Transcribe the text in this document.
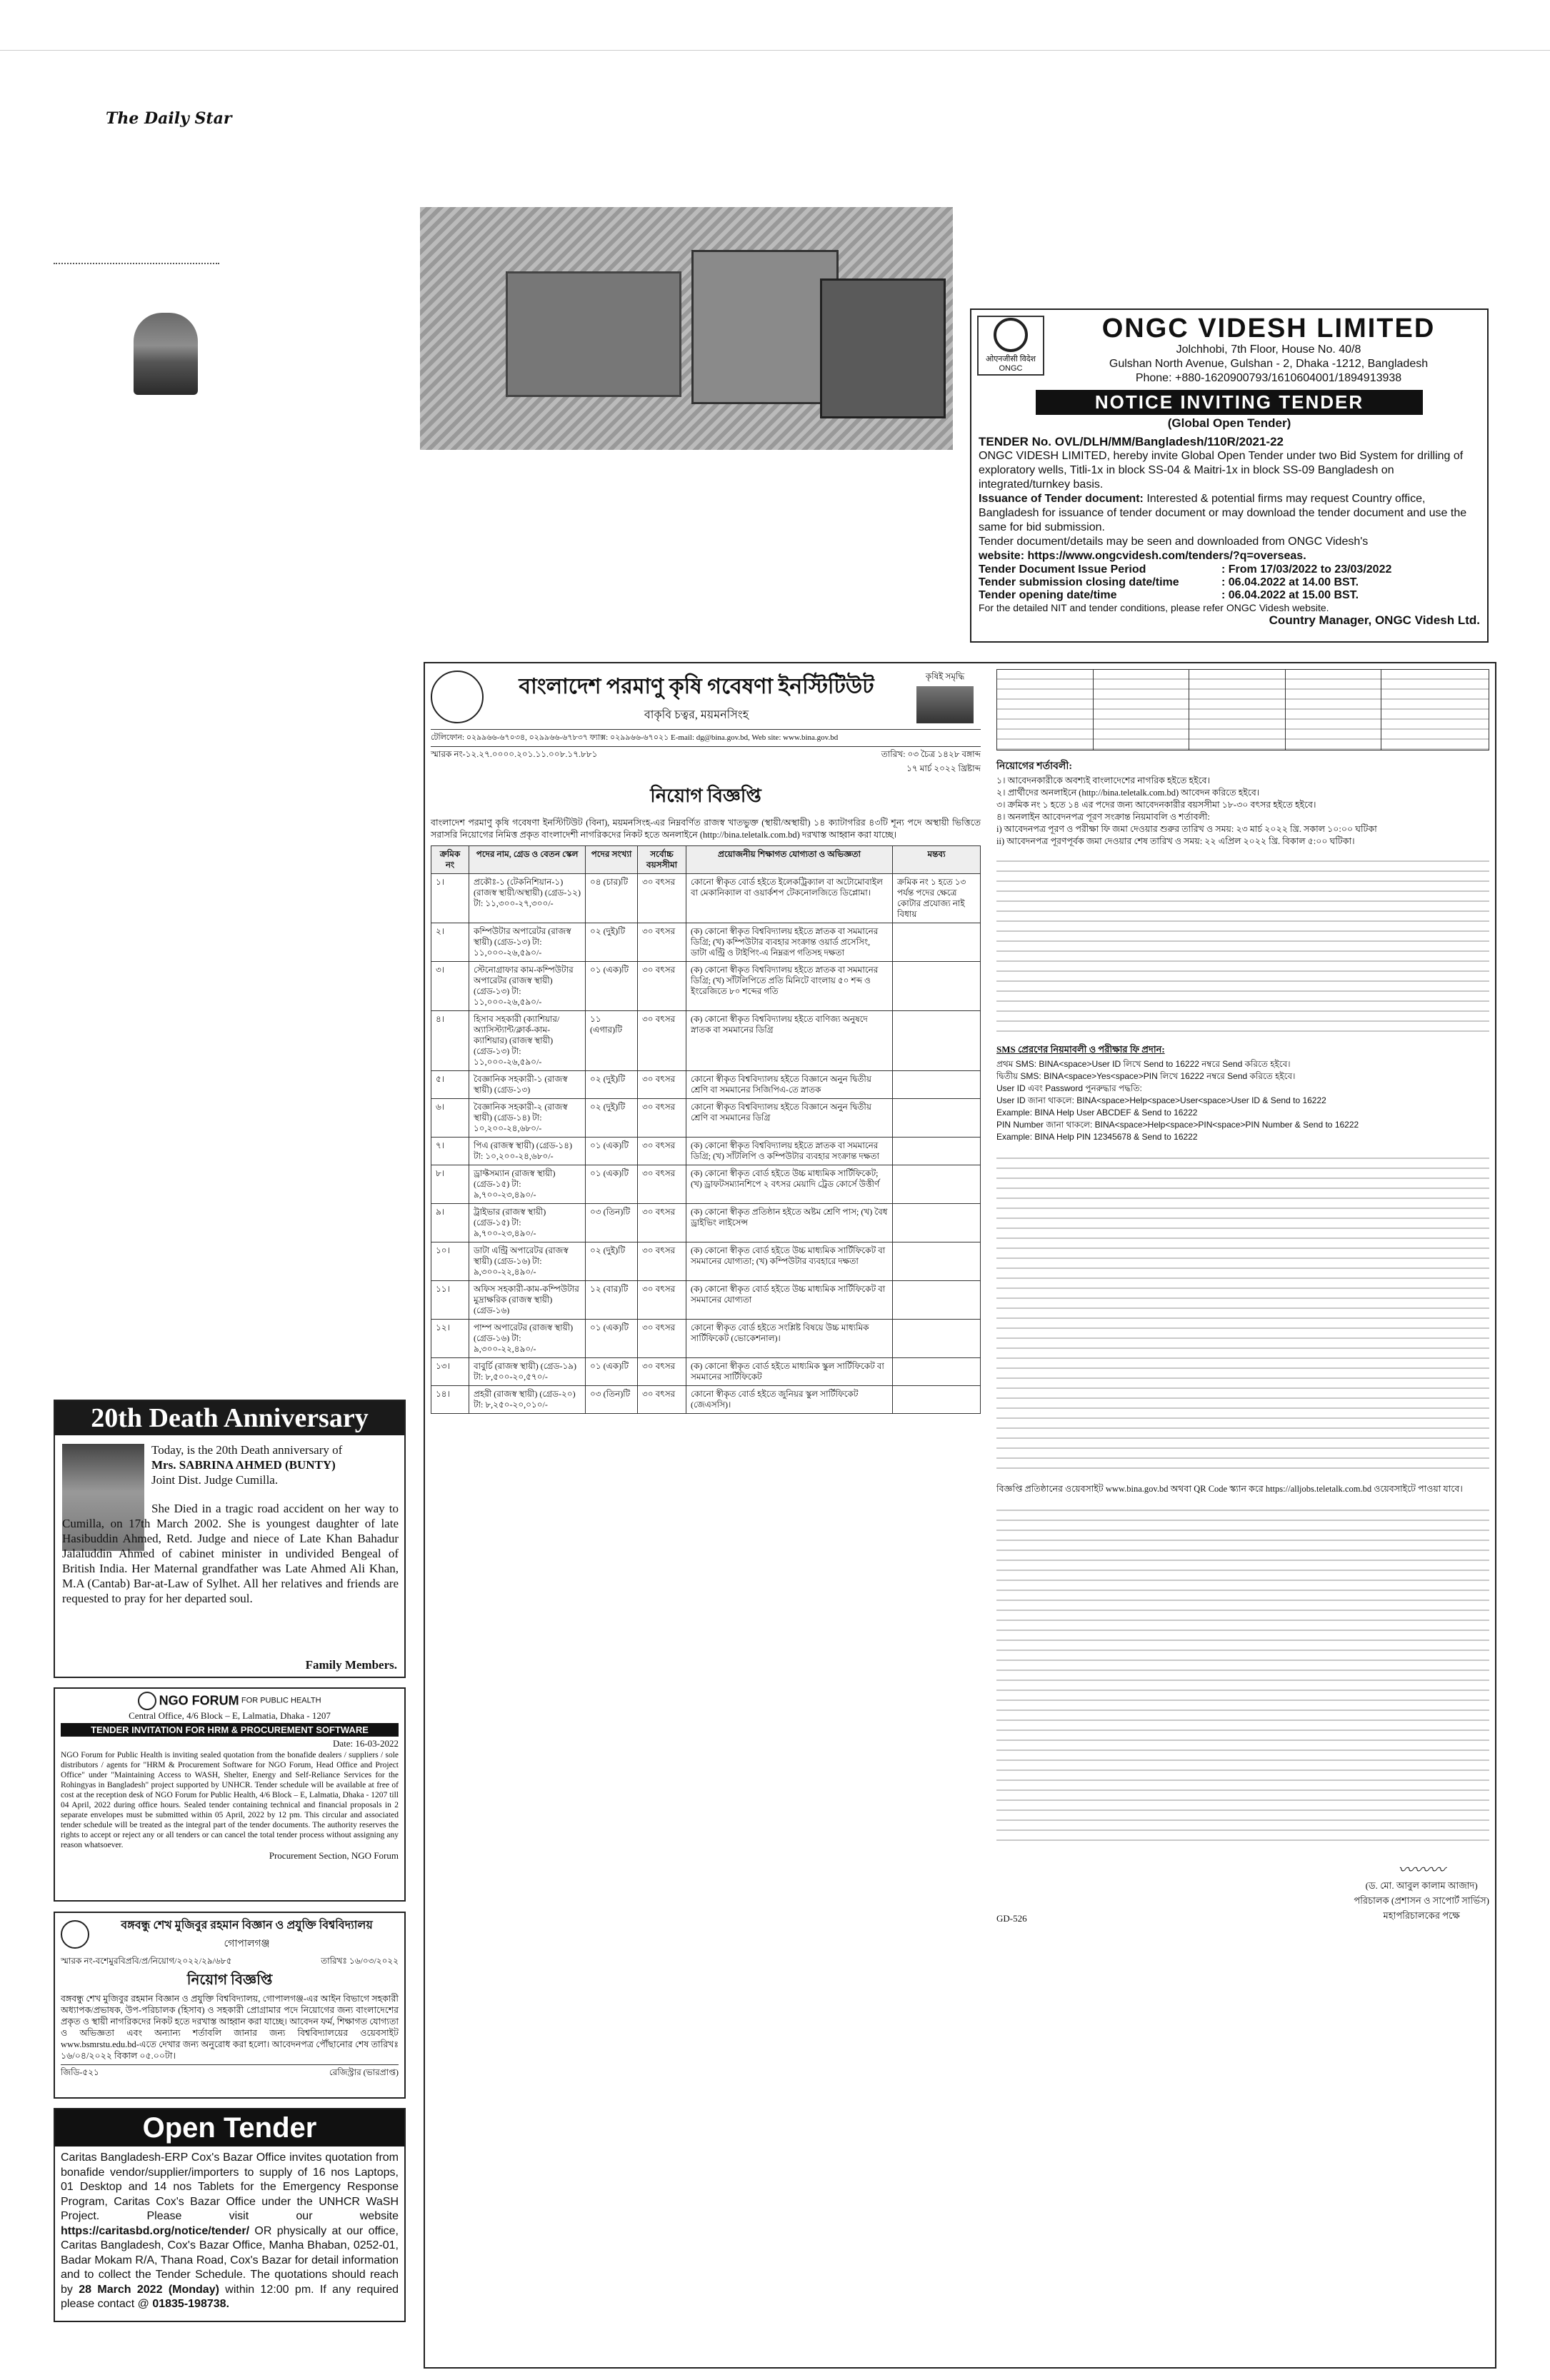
The Daily Star
ओएनजीसी विदेश ONGC
ONGC VIDESH LIMITED
Jolchhobi, 7th Floor, House No. 40/8
Gulshan North Avenue, Gulshan - 2, Dhaka -1212, Bangladesh
Phone: +880-1620900793/1610604001/1894913938
NOTICE INVITING TENDER
(Global Open Tender)
TENDER No. OVL/DLH/MM/Bangladesh/110R/2021-22
ONGC VIDESH LIMITED, hereby invite Global Open Tender under two Bid System for drilling of exploratory wells, Titli-1x in block SS-04 & Maitri-1x in block SS-09 Bangladesh on integrated/turnkey basis.
Issuance of Tender document: Interested & potential firms may request Country office, Bangladesh for issuance of tender document or may download the tender document and use the same for bid submission.
Tender document/details may be seen and downloaded from ONGC Videsh's
website: https://www.ongcvidesh.com/tenders/?q=overseas.
Tender Document Issue Period	: From 17/03/2022 to 23/03/2022
Tender submission closing date/time	: 06.04.2022 at 14.00 BST.
Tender opening date/time	: 06.04.2022 at 15.00 BST.
For the detailed NIT and tender conditions, please refer ONGC Videsh website.
Country Manager, ONGC Videsh Ltd.
20th Death Anniversary
Today, is the 20th Death anniversary of
Mrs. SABRINA AHMED (BUNTY)
Joint Dist. Judge Cumilla.
She Died in a tragic road accident on her way to Cumilla, on 17th March 2002. She is youngest daughter of late Hasibuddin Ahmed, Retd. Judge and niece of Late Khan Bahadur Jalaluddin Ahmed of cabinet minister in undivided Bengeal of British India. Her Maternal grandfather was Late Ahmed Ali Khan, M.A (Cantab) Bar-at-Law of Sylhet. All her relatives and friends are requested to pray for her departed soul.
Family Members.
NGO FORUM FOR PUBLIC HEALTH
Central Office, 4/6 Block – E, Lalmatia, Dhaka - 1207
TENDER INVITATION FOR HRM & PROCUREMENT SOFTWARE
Date: 16-03-2022
NGO Forum for Public Health is inviting sealed quotation from the bonafide dealers / suppliers / sole distributors / agents for "HRM & Procurement Software for NGO Forum, Head Office and Project Office" under "Maintaining Access to WASH, Shelter, Energy and Self-Reliance Services for the Rohingyas in Bangladesh" project supported by UNHCR. Tender schedule will be available at free of cost at the reception desk of NGO Forum for Public Health, 4/6 Block – E, Lalmatia, Dhaka - 1207 till 04 April, 2022 during office hours. Sealed tender containing technical and financial proposals in 2 separate envelopes must be submitted within 05 April, 2022 by 12 pm. This circular and associated tender schedule will be treated as the integral part of the tender documents. The authority reserves the rights to accept or reject any or all tenders or can cancel the total tender process without assigning any reason whatsoever.
Procurement Section, NGO Forum
বঙ্গবন্ধু শেখ মুজিবুর রহমান বিজ্ঞান ও প্রযুক্তি বিশ্ববিদ্যালয়
গোপালগঞ্জ
স্মারক নং-বশেমুরবিপ্রবি/প্র/নিয়োগ/২০২২/২৯/৬৮৫	তারিখঃ ১৬/০৩/২০২২
নিয়োগ বিজ্ঞপ্তি
বঙ্গবন্ধু শেখ মুজিবুর রহমান বিজ্ঞান ও প্রযুক্তি বিশ্ববিদ্যালয়, গোপালগঞ্জ-এর আইন বিভাগে সহকারী অধ্যাপক/প্রভাষক, উপ-পরিচালক (হিসাব) ও সহকারী প্রোগ্রামার পদে নিয়োগের জন্য বাংলাদেশের প্রকৃত ও স্থায়ী নাগরিকদের নিকট হতে দরখাস্ত আহ্বান করা যাচ্ছে। আবেদন ফর্ম, শিক্ষাগত যোগ্যতা ও অভিজ্ঞতা এবং অন্যান্য শর্তাবলি জানার জন্য বিশ্ববিদ্যালয়ের ওয়েবসাইট www.bsmrstu.edu.bd-এতে দেখার জন্য অনুরোধ করা হলো। আবেদনপত্র পৌঁছানোর শেষ তারিখঃ ১৬/০৪/২০২২ বিকাল ০৫.০০টা।
জিডি-৫২১	রেজিস্ট্রার (ভারপ্রাপ্ত)
Open Tender
Caritas Bangladesh-ERP Cox's Bazar Office invites quotation from bonafide vendor/supplier/importers to supply of 16 nos Laptops, 01 Desktop and 14 nos Tablets for the Emergency Response Program, Caritas Cox's Bazar Office under the UNHCR WaSH Project. Please visit our website https://caritasbd.org/notice/tender/ OR physically at our office, Caritas Bangladesh, Cox's Bazar Office, Manha Bhaban, 0252-01, Badar Mokam R/A, Thana Road, Cox's Bazar for detail information and to collect the Tender Schedule. The quotations should reach by 28 March 2022 (Monday) within 12:00 pm. If any required please contact @ 01835-198738.
বাংলাদেশ পরমাণু কৃষি গবেষণা ইনস্টিটিউট
বাকৃবি চত্বর, ময়মনসিংহ
কৃষিই সমৃদ্ধি
টেলিফোন: ০২৯৯৬৬-৬৭০৩৪, ০২৯৯৬৬-৬৭৮৩৭ ফ্যাক্স: ০২৯৯৬৬-৬৭০২১ E-mail: dg@bina.gov.bd, Web site: www.bina.gov.bd
স্মারক নং-১২.২৭.০০০০.২০১.১১.০০৮.১৭.৮৮১	তারিখ: ০৩ চৈত্র ১৪২৮ বঙ্গাব্দ
১৭ মার্চ ২০২২ খ্রিষ্টাব্দ
নিয়োগ বিজ্ঞপ্তি
বাংলাদেশ পরমাণু কৃষি গবেষণা ইনস্টিটিউট (বিনা), ময়মনসিংহ-এর নিম্নবর্ণিত রাজস্ব খাতভুক্ত (স্থায়ী/অস্থায়ী) ১৪ ক্যাটাগরির ৪৩টি শূন্য পদে অস্থায়ী ভিত্তিতে সরাসরি নিয়োগের নিমিত্ত প্রকৃত বাংলাদেশী নাগরিকদের নিকট হতে অনলাইনে (http://bina.teletalk.com.bd) দরখাস্ত আহ্বান করা যাচ্ছে।
ক্রমিক নং	পদের নাম, গ্রেড ও বেতন স্কেল	পদের সংখ্যা	সর্বোচ্চ বয়সসীমা	প্রয়োজনীয় শিক্ষাগত যোগ্যতা ও অভিজ্ঞতা	মন্তব্য
১।	প্রকৌঃ-১ (টেকনিশিয়ান-১) (রাজস্ব স্থায়ী/অস্থায়ী) (গ্রেড-১২) টা: ১১,৩০০-২৭,৩০০/-	০৪ (চার)টি	৩০ বৎসর	কোনো স্বীকৃত বোর্ড হইতে ইলেকট্রিক্যাল বা অটোমোবাইল বা মেকানিক্যাল বা ওয়ার্কশপ টেকনোলজিতে ডিপ্লোমা।	ক্রমিক নং ১ হতে ১৩ পর্যন্ত পদের ক্ষেত্রে কোটার প্রযোজ্য নাই বিধায়
২।	কম্পিউটার অপারেটর (রাজস্ব স্থায়ী) (গ্রেড-১৩) টা: ১১,০০০-২৬,৫৯০/-	০২ (দুই)টি	৩০ বৎসর	(ক) কোনো স্বীকৃত বিশ্ববিদ্যালয় হইতে স্নাতক বা সমমানের ডিগ্রি; (খ) কম্পিউটার ব্যবহার সংক্রান্ত ওয়ার্ড প্রসেসিং, ডাটা এন্ট্রি ও টাইপিং-এ নিম্নরূপ গতিসহ দক্ষতা	
৩।	স্টেনোগ্রাফার কাম-কম্পিউটার অপারেটর (রাজস্ব স্থায়ী) (গ্রেড-১৩) টা: ১১,০০০-২৬,৫৯০/-	০১ (এক)টি	৩০ বৎসর	(ক) কোনো স্বীকৃত বিশ্ববিদ্যালয় হইতে স্নাতক বা সমমানের ডিগ্রি; (খ) সাঁটলিপিতে প্রতি মিনিটে বাংলায় ৫০ শব্দ ও ইংরেজিতে ৮০ শব্দের গতি	
৪।	হিসাব সহকারী (ক্যাশিয়ার/অ্যাসিস্ট্যান্ট/ক্লার্ক-কাম-ক্যাশিয়ার) (রাজস্ব স্থায়ী) (গ্রেড-১৩) টা: ১১,০০০-২৬,৫৯০/-	১১ (এগার)টি	৩০ বৎসর	(ক) কোনো স্বীকৃত বিশ্ববিদ্যালয় হইতে বাণিজ্য অনুষদে স্নাতক বা সমমানের ডিগ্রি	
৫।	বৈজ্ঞানিক সহকারী-১ (রাজস্ব স্থায়ী) (গ্রেড-১৩)	০২ (দুই)টি	৩০ বৎসর	কোনো স্বীকৃত বিশ্ববিদ্যালয় হইতে বিজ্ঞানে অনুন দ্বিতীয় শ্রেণি বা সমমানের সিজিপিএ-তে স্নাতক	
৬।	বৈজ্ঞানিক সহকারী-২ (রাজস্ব স্থায়ী) (গ্রেড-১৪) টা: ১০,২০০-২৪,৬৮০/-	০২ (দুই)টি	৩০ বৎসর	কোনো স্বীকৃত বিশ্ববিদ্যালয় হইতে বিজ্ঞানে অনুন দ্বিতীয় শ্রেণি বা সমমানের ডিগ্রি	
৭।	পিএ (রাজস্ব স্থায়ী) (গ্রেড-১৪) টা: ১০,২০০-২৪,৬৮০/-	০১ (এক)টি	৩০ বৎসর	(ক) কোনো স্বীকৃত বিশ্ববিদ্যালয় হইতে স্নাতক বা সমমানের ডিগ্রি; (খ) সাঁটলিপি ও কম্পিউটার ব্যবহার সংক্রান্ত দক্ষতা	
৮।	ড্রাফ্টসম্যান (রাজস্ব স্থায়ী) (গ্রেড-১৫) টা: ৯,৭০০-২৩,৪৯০/-	০১ (এক)টি	৩০ বৎসর	(ক) কোনো স্বীকৃত বোর্ড হইতে উচ্চ মাধ্যমিক সার্টিফিকেট; (খ) ড্রাফটসম্যানশিপে ২ বৎসর মেয়াদি ট্রেড কোর্সে উত্তীর্ণ	
৯।	ট্রাইভার (রাজস্ব স্থায়ী) (গ্রেড-১৫) টা: ৯,৭০০-২৩,৪৯০/-	০৩ (তিন)টি	৩০ বৎসর	(ক) কোনো স্বীকৃত প্রতিষ্ঠান হইতে অষ্টম শ্রেণি পাস; (খ) বৈধ ড্রাইভিং লাইসেন্স	
১০।	ডাটা এন্ট্রি অপারেটর (রাজস্ব স্থায়ী) (গ্রেড-১৬) টা: ৯,৩০০-২২,৪৯০/-	০২ (দুই)টি	৩০ বৎসর	(ক) কোনো স্বীকৃত বোর্ড হইতে উচ্চ মাধ্যমিক সার্টিফিকেট বা সমমানের যোগ্যতা; (খ) কম্পিউটার ব্যবহারে দক্ষতা	
১১।	অফিস সহকারী-কাম-কম্পিউটার মুদ্রাক্ষরিক (রাজস্ব স্থায়ী) (গ্রেড-১৬)	১২ (বার)টি	৩০ বৎসর	(ক) কোনো স্বীকৃত বোর্ড হইতে উচ্চ মাধ্যমিক সার্টিফিকেট বা সমমানের যোগ্যতা	
১২।	পাম্প অপারেটর (রাজস্ব স্থায়ী) (গ্রেড-১৬) টা: ৯,৩০০-২২,৪৯০/-	০১ (এক)টি	৩০ বৎসর	কোনো স্বীকৃত বোর্ড হইতে সংশ্লিষ্ট বিষয়ে উচ্চ মাধ্যমিক সার্টিফিকেট (ভোকেশনাল)।	
১৩।	বাবুর্চি (রাজস্ব স্থায়ী) (গ্রেড-১৯) টা: ৮,৫০০-২০,৫৭০/-	০১ (এক)টি	৩০ বৎসর	(ক) কোনো স্বীকৃত বোর্ড হইতে মাধ্যমিক স্কুল সার্টিফিকেট বা সমমানের সার্টিফিকেট	
১৪।	প্রহরী (রাজস্ব স্থায়ী) (গ্রেড-২০) টা: ৮,২৫০-২০,০১০/-	০৩ (তিন)টি	৩০ বৎসর	কোনো স্বীকৃত বোর্ড হইতে জুনিয়র স্কুল সার্টিফিকেট (জেএসসি)।	
নিয়োগের শর্তাবলী:
১। আবেদনকারীকে অবশ্যই বাংলাদেশের নাগরিক হইতে হইবে।
২। প্রার্থীদের অনলাইনে (http://bina.teletalk.com.bd) আবেদন করিতে হইবে।
৩। ক্রমিক নং ১ হতে ১৪ এর পদের জন্য আবেদনকারীর বয়সসীমা ১৮-৩০ বৎসর হইতে হইবে।
৪। অনলাইন আবেদনপত্র পূরণ সংক্রান্ত নিয়মাবলি ও শর্তাবলী:
i) আবেদনপত্র পূরণ ও পরীক্ষা ফি জমা দেওয়ার শুরুর তারিখ ও সময়: ২৩ মার্চ ২০২২ খ্রি. সকাল ১০:০০ ঘটিকা
ii) আবেদনপত্র পূরণপূর্বক জমা দেওয়ার শেষ তারিখ ও সময়: ২২ এপ্রিল ২০২২ খ্রি. বিকাল ৫:০০ ঘটিকা।
SMS প্রেরণের নিয়মাবলী ও পরীক্ষার ফি প্রদান:
প্রথম SMS: BINA<space>User ID লিখে Send to 16222 নম্বরে Send করিতে হইবে।
দ্বিতীয় SMS: BINA<space>Yes<space>PIN লিখে 16222 নম্বরে Send করিতে হইবে।
User ID এবং Password পুনরুদ্ধার পদ্ধতি:
User ID জানা থাকলে: BINA<space>Help<space>User<space>User ID & Send to 16222
Example: BINA Help User ABCDEF & Send to 16222
PIN Number জানা থাকলে: BINA<space>Help<space>PIN<space>PIN Number & Send to 16222
Example: BINA Help PIN 12345678 & Send to 16222
বিজ্ঞপ্তি প্রতিষ্ঠানের ওয়েবসাইট www.bina.gov.bd অথবা QR Code স্ক্যান করে https://alljobs.teletalk.com.bd ওয়েবসাইটে পাওয়া যাবে।
GD-526
〰〰〰
(ড. মো. আবুল কালাম আজাদ)
পরিচালক (প্রশাসন ও সাপোর্ট সার্ভিস)
মহাপরিচালকের পক্ষে
